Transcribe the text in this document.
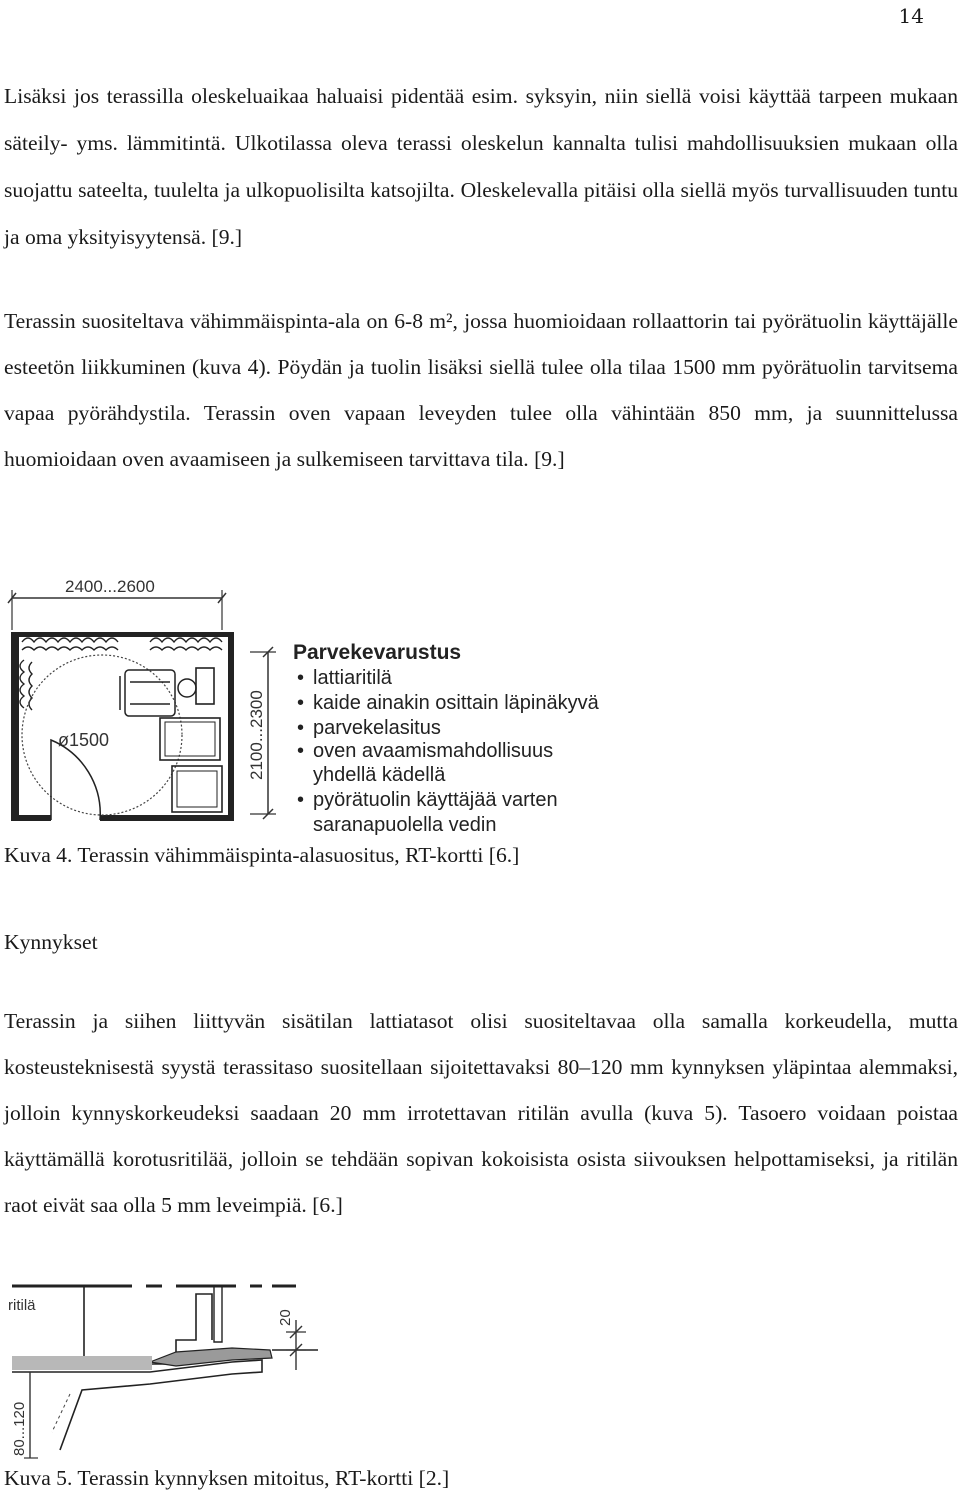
14

Lisäksi jos terassilla oleskeluaikaa haluaisi pidentää esim. syksyin, niin siellä voisi käyttää tarpeen mukaan säteily- yms. lämmitintä. Ulkotilassa oleva terassi oleskelun kannalta tulisi mahdollisuuksien mukaan olla suojattu sateelta, tuulelta ja ulkopuolisilta katsojilta. Oleskelevalla pitäisi olla siellä myös turvallisuuden tuntu ja oma yksityisyytensä. [9.]

Terassin suositeltava vähimmäispinta-ala on 6-8 m², jossa huomioidaan rollaattorin tai pyörätuolin käyttäjälle esteetön liikkuminen (kuva 4). Pöydän ja tuolin lisäksi siellä tulee olla tilaa 1500 mm pyörätuolin tarvitsema vapaa pyörähdystila. Terassin oven vapaan leveyden tulee olla vähintään 850 mm, ja suunnittelussa huomioidaan oven avaamiseen ja sulkemiseen tarvittava tila. [9.]

2400...2600
ø1500	2100...2300
Parvekevarustus
• lattiaritilä
• kaide ainakin osittain läpinäkyvä
• parvekelasitus
• oven avaamismahdollisuus
yhdellä kädellä
• pyörätuolin käyttäjää varten
saranapuolella vedin

Kuva 4. Terassin vähimmäispinta-alasuositus, RT-kortti [6.]

Kynnykset

Terassin ja siihen liittyvän sisätilan lattiatasot olisi suositeltavaa olla samalla korkeudella, mutta kosteusteknisestä syystä terassitaso suositellaan sijoitettavaksi 80–120 mm kynnyksen yläpintaa alemmaksi, jolloin kynnyskorkeudeksi saadaan 20 mm irrotettavan ritilän avulla (kuva 5). Tasoero voidaan poistaa käyttämällä korotusritilää, jolloin se tehdään sopivan kokoisista osista siivouksen helpottamiseksi, ja ritilän raot eivät saa olla 5 mm leveimpiä. [6.]

ritilä
80...120
20

Kuva 5. Terassin kynnyksen mitoitus, RT-kortti [2.]
